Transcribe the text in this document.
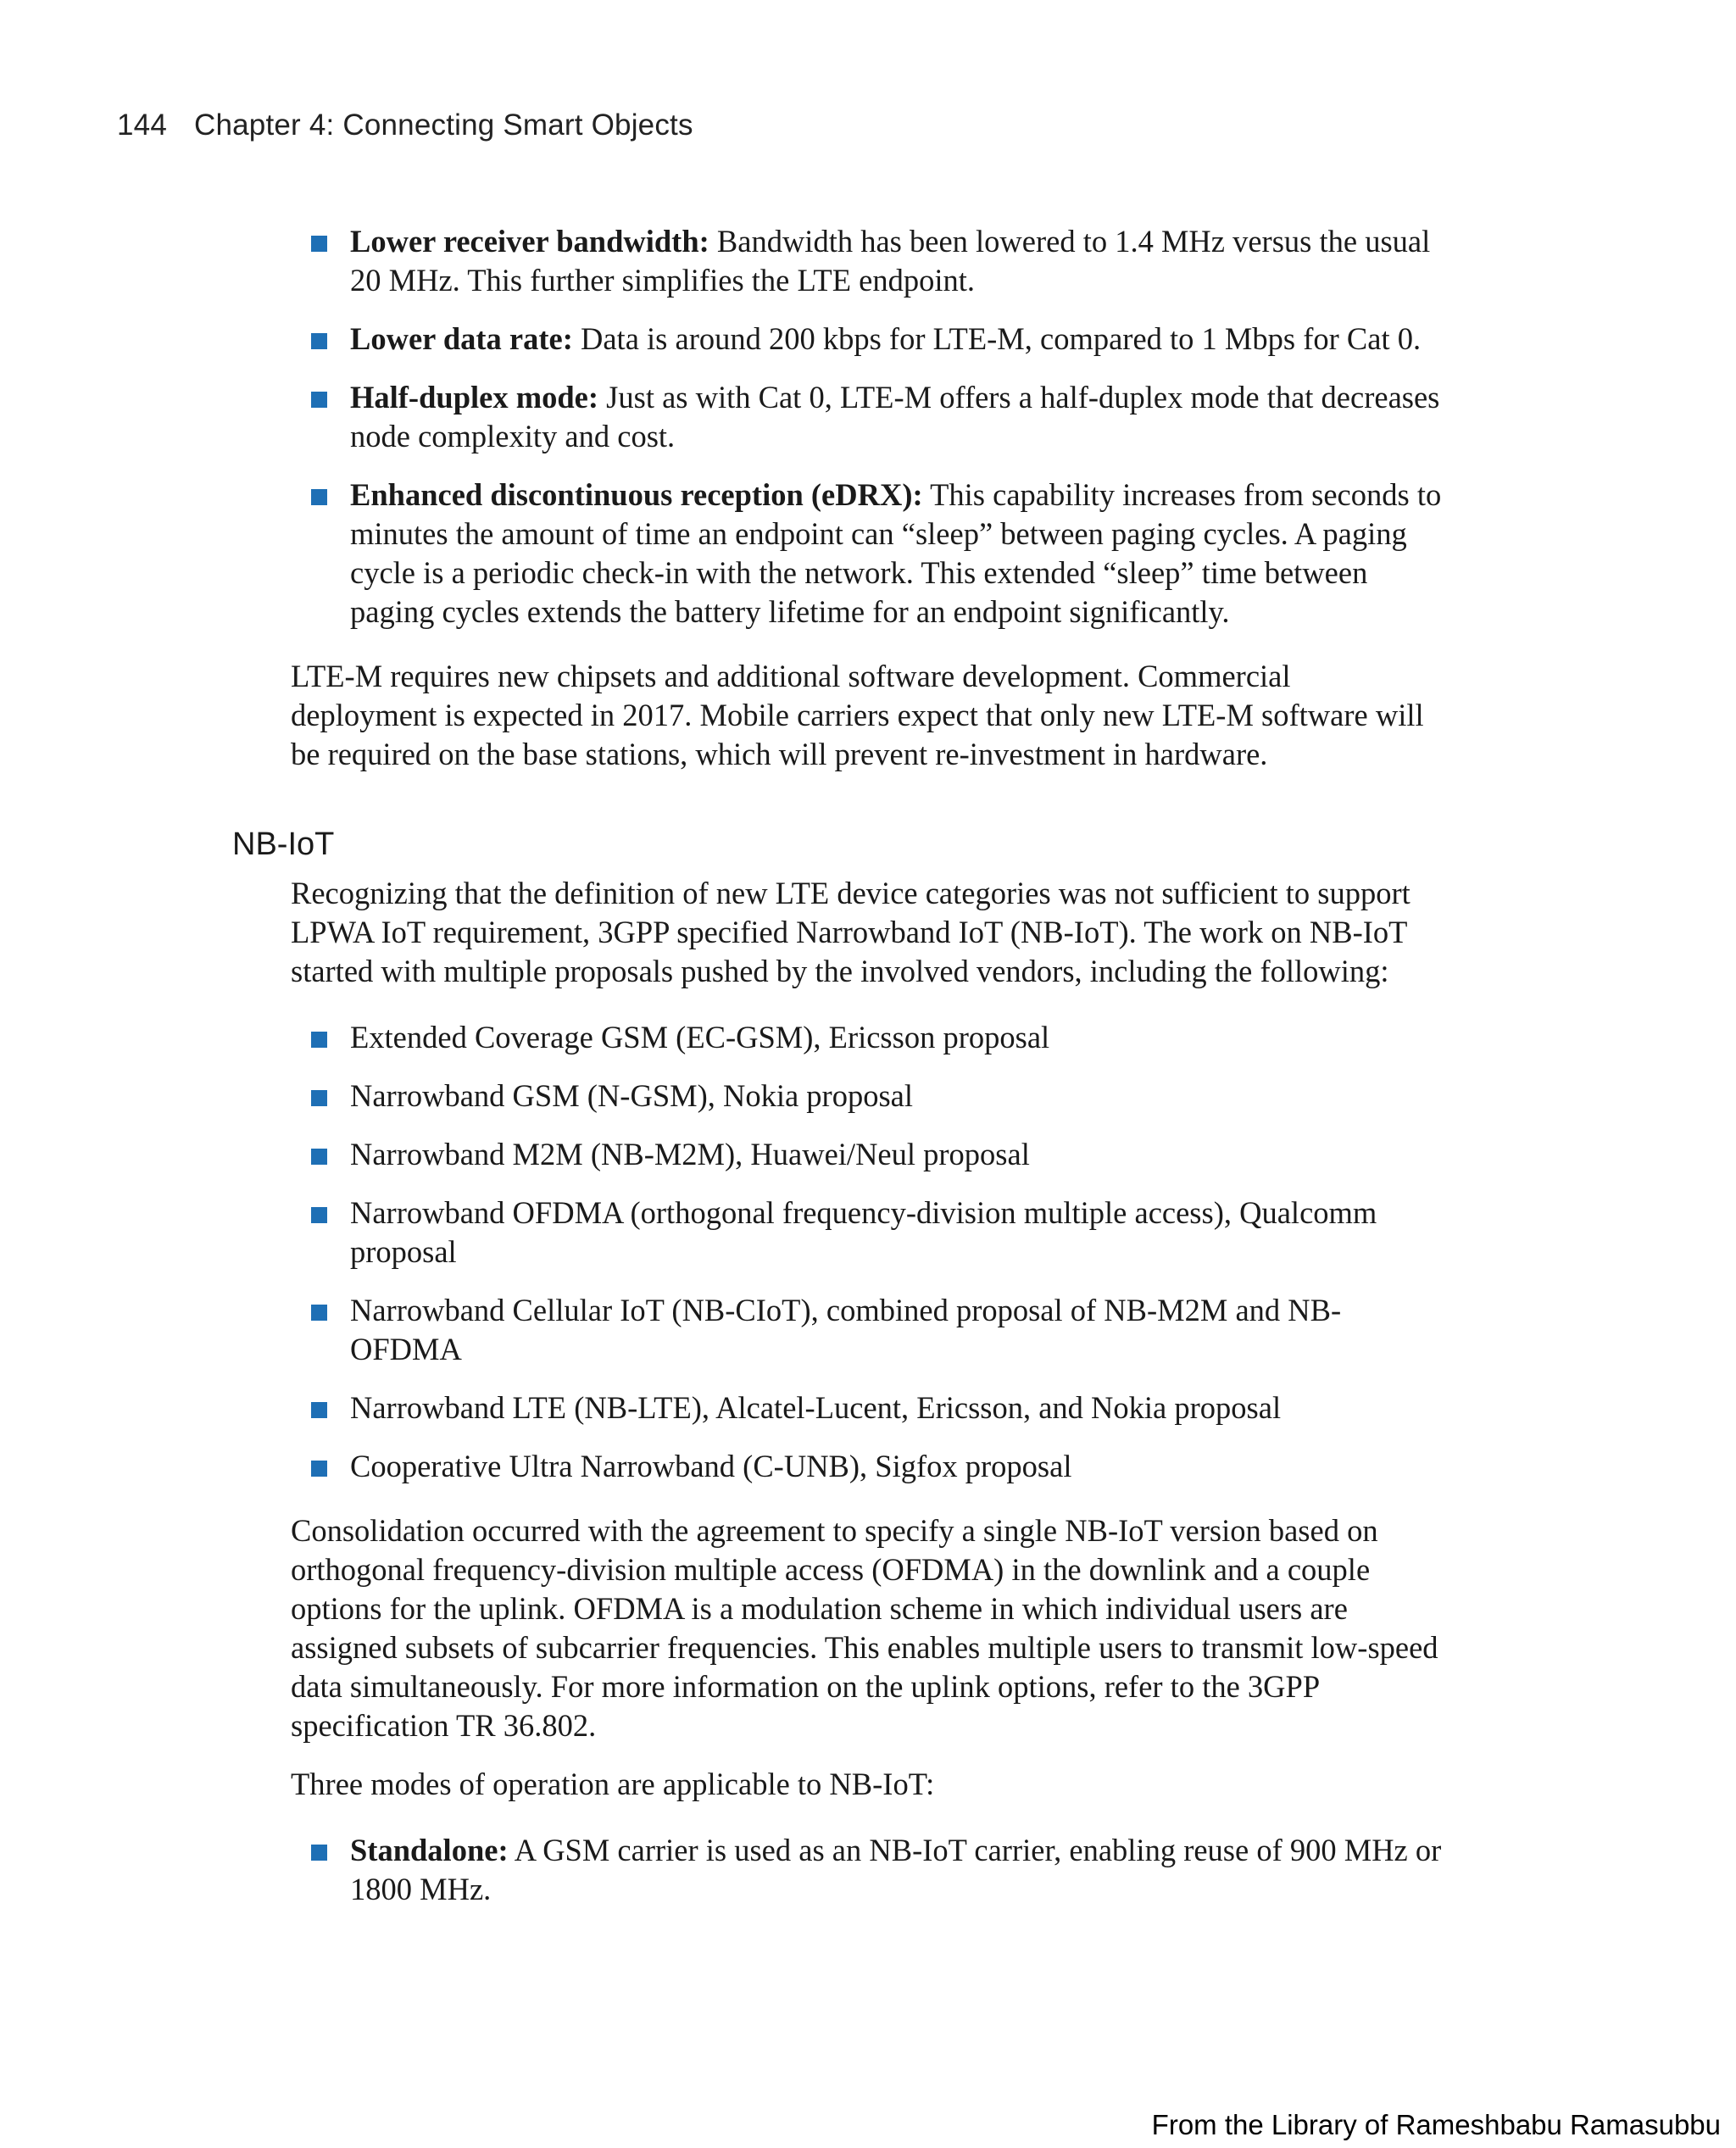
144 Chapter 4: Connecting Smart Objects
Lower receiver bandwidth: Bandwidth has been lowered to 1.4 MHz versus the usual 20 MHz. This further simplifies the LTE endpoint.
Lower data rate: Data is around 200 kbps for LTE-M, compared to 1 Mbps for Cat 0.
Half-duplex mode: Just as with Cat 0, LTE-M offers a half-duplex mode that decreases node complexity and cost.
Enhanced discontinuous reception (eDRX): This capability increases from seconds to minutes the amount of time an endpoint can “sleep” between paging cycles. A paging cycle is a periodic check-in with the network. This extended “sleep” time between paging cycles extends the battery lifetime for an endpoint significantly.

LTE-M requires new chipsets and additional software development. Commercial deployment is expected in 2017. Mobile carriers expect that only new LTE-M software will be required on the base stations, which will prevent re-investment in hardware.

NB-IoT

Recognizing that the definition of new LTE device categories was not sufficient to support LPWA IoT requirement, 3GPP specified Narrowband IoT (NB-IoT). The work on NB-IoT started with multiple proposals pushed by the involved vendors, including the following:

Extended Coverage GSM (EC-GSM), Ericsson proposal
Narrowband GSM (N-GSM), Nokia proposal
Narrowband M2M (NB-M2M), Huawei/Neul proposal
Narrowband OFDMA (orthogonal frequency-division multiple access), Qualcomm proposal
Narrowband Cellular IoT (NB-CIoT), combined proposal of NB-M2M and NB-OFDMA
Narrowband LTE (NB-LTE), Alcatel-Lucent, Ericsson, and Nokia proposal
Cooperative Ultra Narrowband (C-UNB), Sigfox proposal

Consolidation occurred with the agreement to specify a single NB-IoT version based on orthogonal frequency-division multiple access (OFDMA) in the downlink and a couple options for the uplink. OFDMA is a modulation scheme in which individual users are assigned subsets of subcarrier frequencies. This enables multiple users to transmit low-speed data simultaneously. For more information on the uplink options, refer to the 3GPP specification TR 36.802.

Three modes of operation are applicable to NB-IoT:

Standalone: A GSM carrier is used as an NB-IoT carrier, enabling reuse of 900 MHz or 1800 MHz.
From the Library of Rameshbabu Ramasubbu
